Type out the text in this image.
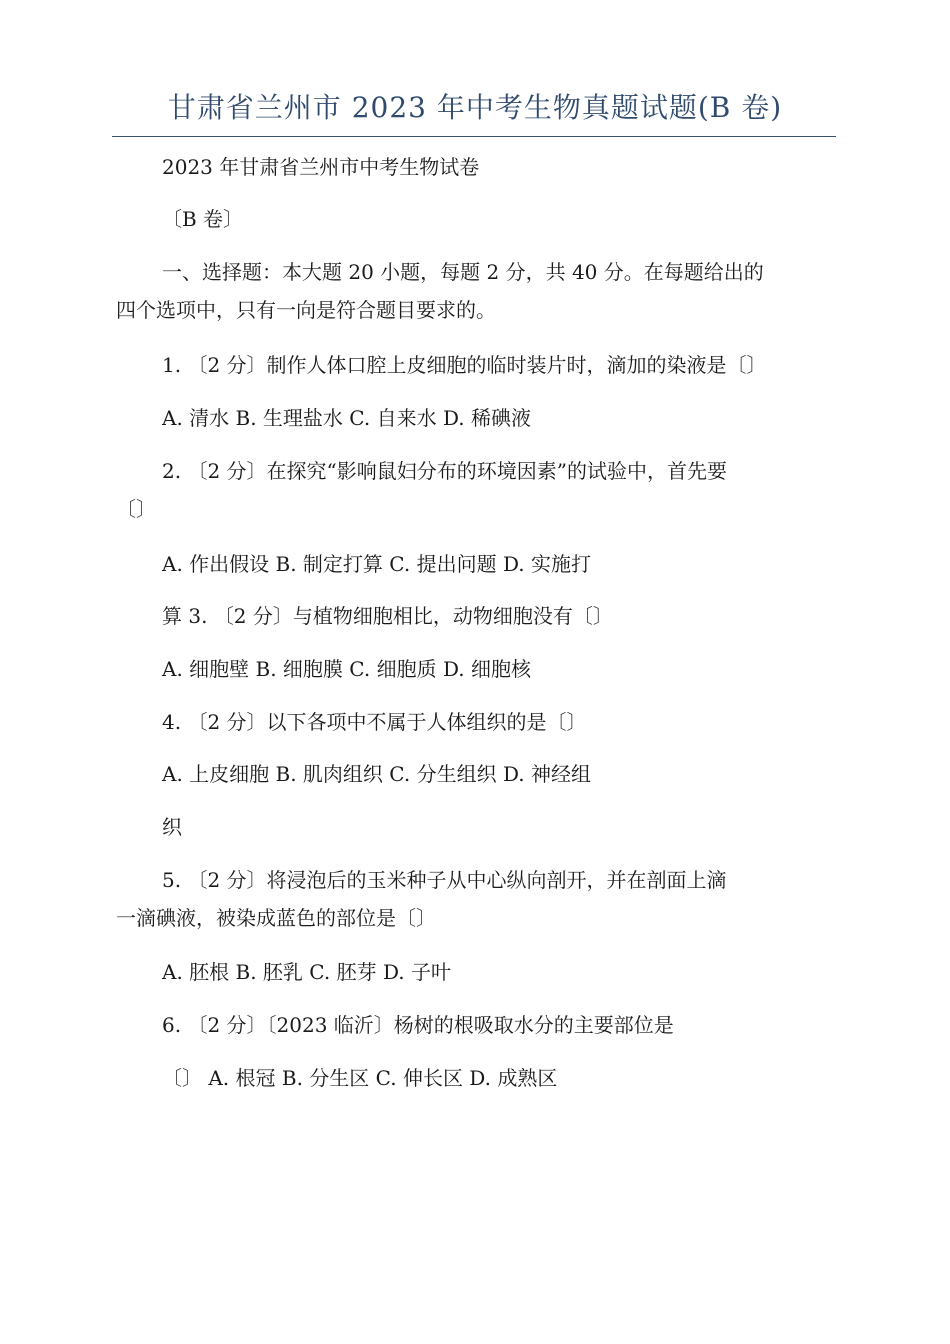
甘肃省兰州市 2023 年中考生物真题试题(B 卷)
2023 年甘肃省兰州市中考生物试卷
〔B 卷〕
一、选择题：本大题 20 小题，每题 2 分，共 40 分。在每题给出的
四个选项中，只有一向是符合题目要求的。
1. 〔2 分〕制作人体口腔上皮细胞的临时装片时，滴加的染液是〔〕
A. 清水 B. 生理盐水 C. 自来水 D. 稀碘液
2. 〔2 分〕在探究“影响鼠妇分布的环境因素”的试验中，首先要
〔〕
A. 作出假设 B. 制定打算 C. 提出问题 D. 实施打
算 3. 〔2 分〕与植物细胞相比，动物细胞没有〔〕
A. 细胞壁 B. 细胞膜 C. 细胞质 D. 细胞核
4. 〔2 分〕以下各项中不属于人体组织的是〔〕
A. 上皮细胞 B. 肌肉组织 C. 分生组织 D. 神经组
织
5. 〔2 分〕将浸泡后的玉米种子从中心纵向剖开，并在剖面上滴
一滴碘液，被染成蓝色的部位是〔〕
A. 胚根 B. 胚乳 C. 胚芽 D. 子叶
6. 〔2 分〕〔2023 临沂〕杨树的根吸取水分的主要部位是
〔〕 A. 根冠 B. 分生区 C. 伸长区 D. 成熟区
